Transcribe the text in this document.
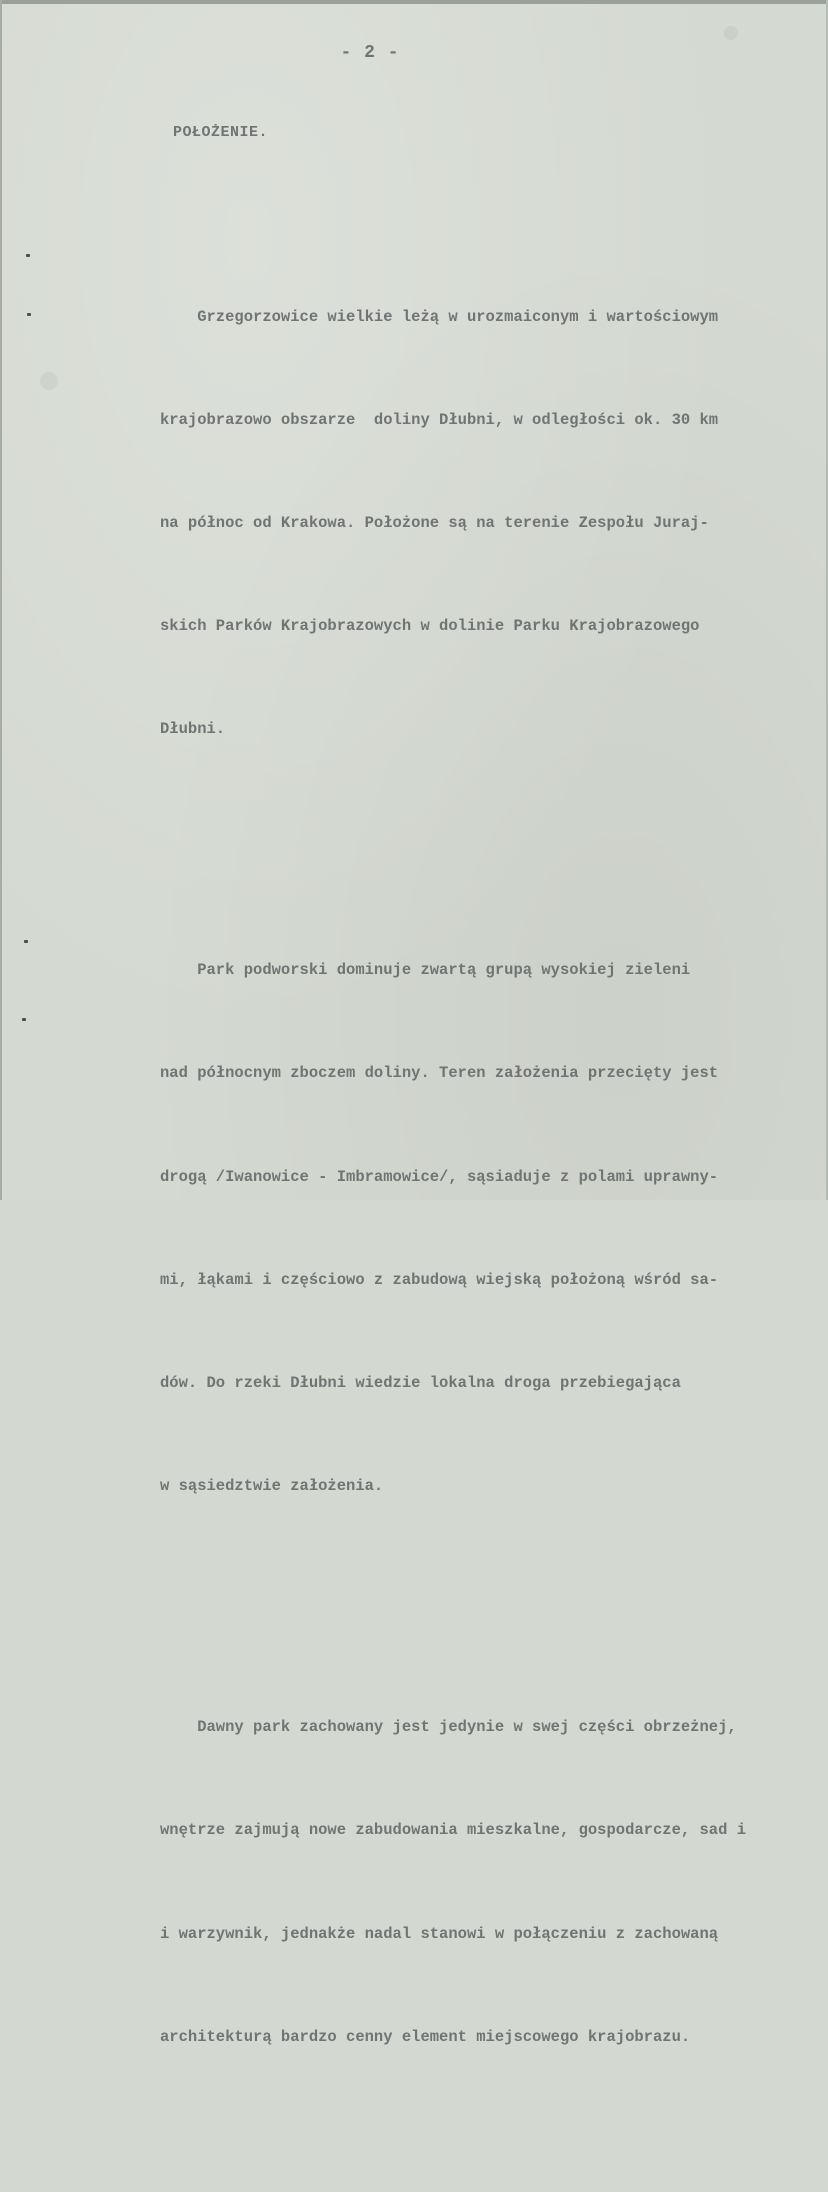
- 2 -
POŁOŻENIE.

Grzegorzowice wielkie leżą w urozmaiconym i wartościowym

krajobrazowo obszarze  doliny Dłubni, w odległości ok. 30 km

na północ od Krakowa. Położone są na terenie Zespołu Juraj-

skich Parków Krajobrazowych w dolinie Parku Krajobrazowego

Dłubni.

Park podworski dominuje zwartą grupą wysokiej zieleni

nad północnym zboczem doliny. Teren założenia przecięty jest

drogą /Iwanowice - Imbramowice/, sąsiaduje z polami uprawny-

mi, łąkami i częściowo z zabudową wiejską położoną wśród sa-

dów. Do rzeki Dłubni wiedzie lokalna droga przebiegająca

w sąsiedztwie założenia.

Dawny park zachowany jest jedynie w swej części obrzeżnej,

wnętrze zajmują nowe zabudowania mieszkalne, gospodarcze, sad i

i warzywnik, jednakże nadal stanowi w połączeniu z zachowaną

architekturą bardzo cenny element miejscowego krajobrazu.
